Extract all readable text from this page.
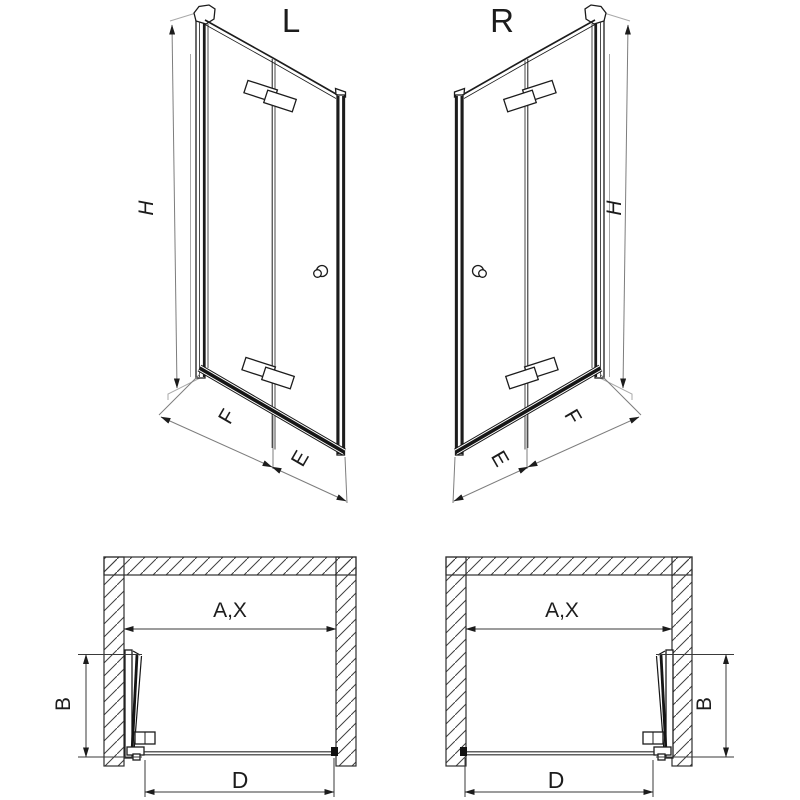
L
H
F
E
R
H
F
E
A,X
B
D
A,X
B
D
